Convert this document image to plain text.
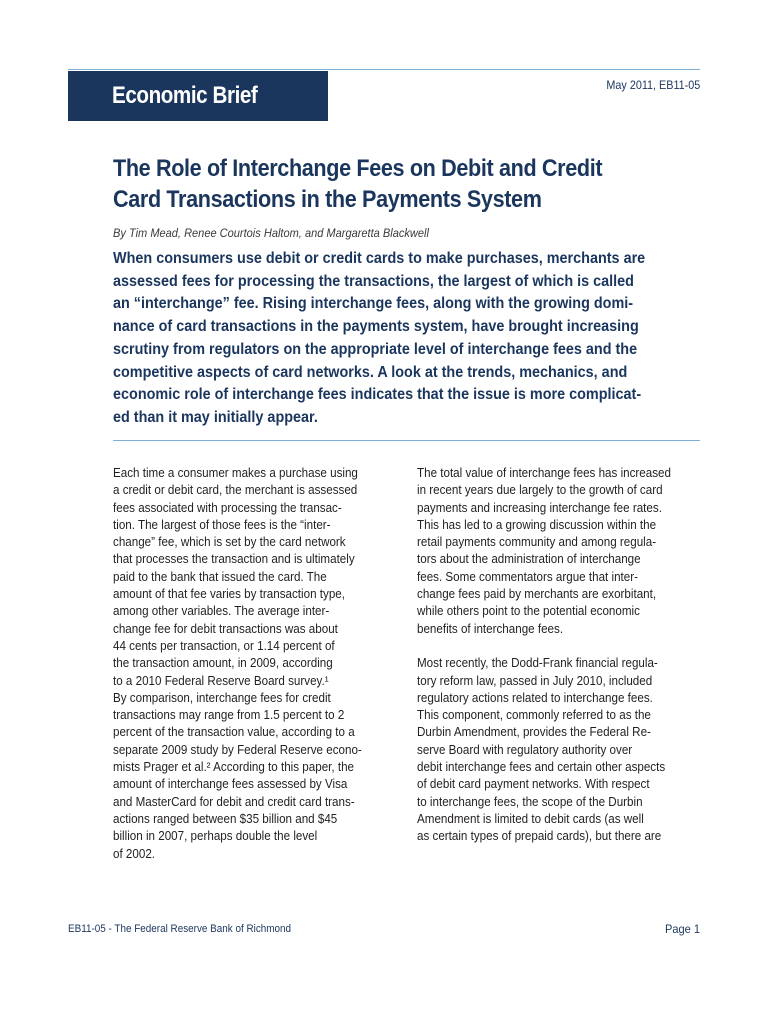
Economic Brief	May 2011, EB11-05
The Role of Interchange Fees on Debit and Credit
Card Transactions in the Payments System
By Tim Mead, Renee Courtois Haltom, and Margaretta Blackwell
When consumers use debit or credit cards to make purchases, merchants are
assessed fees for processing the transactions, the largest of which is called
an “interchange” fee. Rising interchange fees, along with the growing domi-
nance of card transactions in the payments system, have brought increasing
scrutiny from regulators on the appropriate level of interchange fees and the
competitive aspects of card networks. A look at the trends, mechanics, and
economic role of interchange fees indicates that the issue is more complicat-
ed than it may initially appear.
Each time a consumer makes a purchase using
a credit or debit card, the merchant is assessed
fees associated with processing the transac-
tion. The largest of those fees is the “inter-
change” fee, which is set by the card network
that processes the transaction and is ultimately
paid to the bank that issued the card. The
amount of that fee varies by transaction type,
among other variables. The average inter-
change fee for debit transactions was about
44 cents per transaction, or 1.14 percent of
the transaction amount, in 2009, according
to a 2010 Federal Reserve Board survey.¹
By comparison, interchange fees for credit
transactions may range from 1.5 percent to 2
percent of the transaction value, according to a
separate 2009 study by Federal Reserve econo-
mists Prager et al.² According to this paper, the
amount of interchange fees assessed by Visa
and MasterCard for debit and credit card trans-
actions ranged between $35 billion and $45
billion in 2007, perhaps double the level
of 2002.
The total value of interchange fees has increased
in recent years due largely to the growth of card
payments and increasing interchange fee rates.
This has led to a growing discussion within the
retail payments community and among regula-
tors about the administration of interchange
fees. Some commentators argue that inter-
change fees paid by merchants are exorbitant,
while others point to the potential economic
benefits of interchange fees.
Most recently, the Dodd-Frank financial regula-
tory reform law, passed in July 2010, included
regulatory actions related to interchange fees.
This component, commonly referred to as the
Durbin Amendment, provides the Federal Re-
serve Board with regulatory authority over
debit interchange fees and certain other aspects
of debit card payment networks. With respect
to interchange fees, the scope of the Durbin
Amendment is limited to debit cards (as well
as certain types of prepaid cards), but there are
EB11-05 - The Federal Reserve Bank of Richmond	Page 1
